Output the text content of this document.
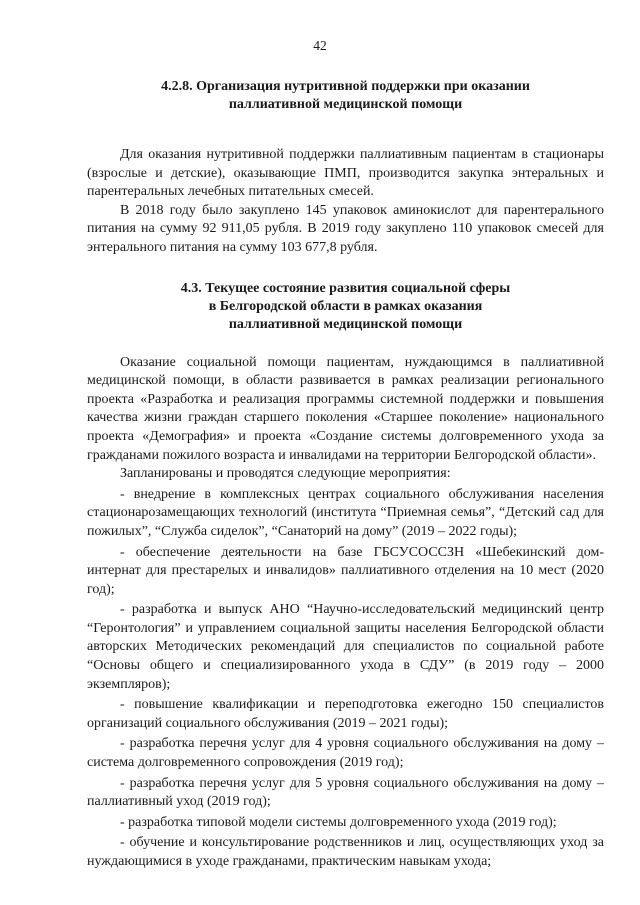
42
4.2.8. Организация нутритивной поддержки при оказании
паллиативной медицинской помощи

Для оказания нутритивной поддержки паллиативным пациентам в стационары (взрослые и детские), оказывающие ПМП, производится закупка энтеральных и парентеральных лечебных питательных смесей.

В 2018 году было закуплено 145 упаковок аминокислот для парентерального питания на сумму 92 911,05 рубля. В 2019 году закуплено 110 упаковок смесей для энтерального питания на сумму 103 677,8 рубля.

4.3. Текущее состояние развития социальной сферы
в Белгородской области в рамках оказания
паллиативной медицинской помощи

Оказание социальной помощи пациентам, нуждающимся в паллиативной медицинской помощи, в области развивается в рамках реализации регионального проекта «Разработка и реализация программы системной поддержки и повышения качества жизни граждан старшего поколения «Старшее поколение» национального проекта «Демография» и проекта «Создание системы долговременного ухода за гражданами пожилого возраста и инвалидами на территории Белгородской области».

Запланированы и проводятся следующие мероприятия:

- внедрение в комплексных центрах социального обслуживания населения стационарозамещающих технологий (института “Приемная семья”, “Детский сад для пожилых”, “Служба сиделок”, “Санаторий на дому” (2019 – 2022 годы);

- обеспечение деятельности на базе ГБСУСОССЗН «Шебекинский дом-интернат для престарелых и инвалидов» паллиативного отделения на 10 мест (2020 год);

- разработка и выпуск АНО “Научно-исследовательский медицинский центр “Геронтология” и управлением социальной защиты населения Белгородской области авторских Методических рекомендаций для специалистов по социальной работе “Основы общего и специализированного ухода в СДУ” (в 2019 году – 2000 экземпляров);

- повышение квалификации и переподготовка ежегодно 150 специалистов организаций социального обслуживания (2019 – 2021 годы);

- разработка перечня услуг для 4 уровня социального обслуживания на дому – система долговременного сопровождения (2019 год);

- разработка перечня услуг для 5 уровня социального обслуживания на дому – паллиативный уход (2019 год);

- разработка типовой модели системы долговременного ухода (2019 год);

- обучение и консультирование родственников и лиц, осуществляющих уход за нуждающимися в уходе гражданами, практическим навыкам ухода;
